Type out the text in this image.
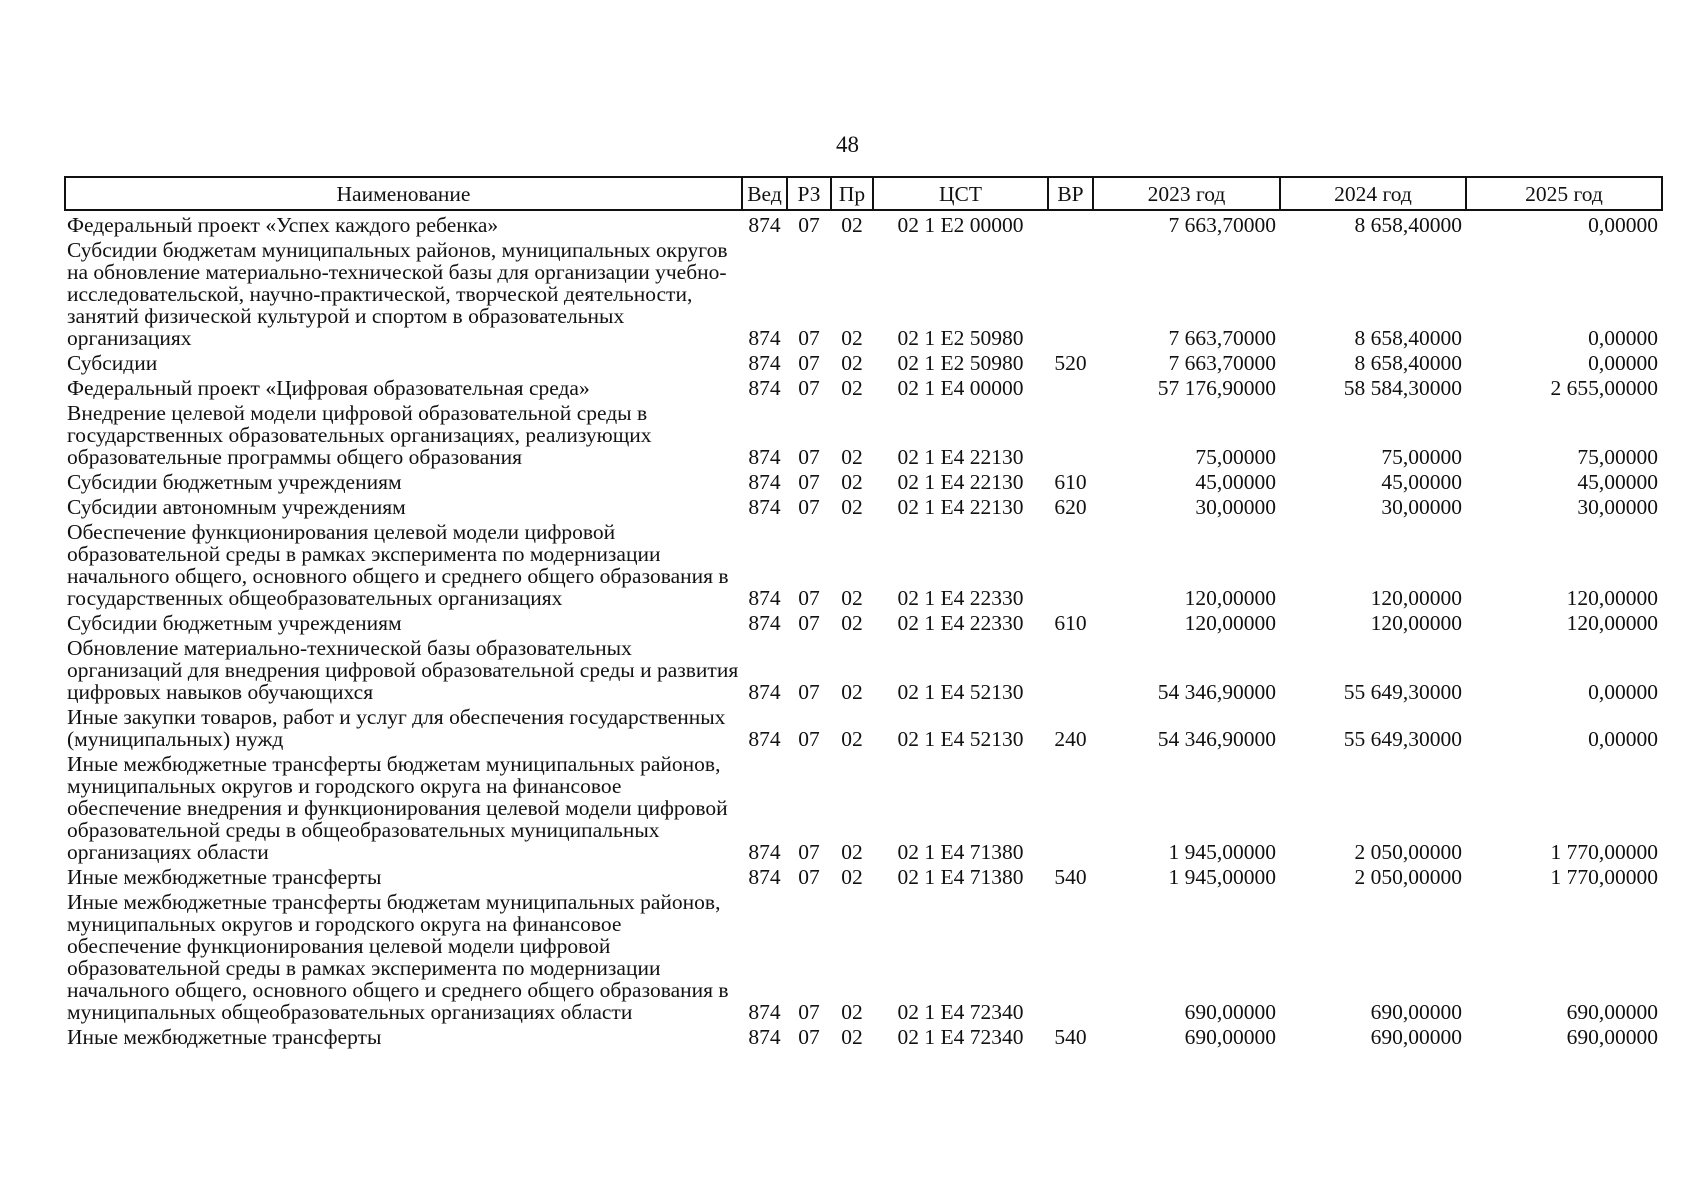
48
Наименование	Вед	РЗ	Пр	ЦСТ	ВР	2023 год	2024 год	2025 год
Федеральный проект «Успех каждого ребенка»	874	07	02	02 1 Е2 00000		7 663,70000	8 658,40000	0,00000
Субсидии бюджетам муниципальных районов, муниципальных округов на обновление материально-технической базы для организации учебно-исследовательской, научно-практической, творческой деятельности, занятий физической культурой и спортом в образовательных организациях	874	07	02	02 1 Е2 50980		7 663,70000	8 658,40000	0,00000
Субсидии	874	07	02	02 1 Е2 50980	520	7 663,70000	8 658,40000	0,00000
Федеральный проект «Цифровая образовательная среда»	874	07	02	02 1 Е4 00000		57 176,90000	58 584,30000	2 655,00000
Внедрение целевой модели цифровой образовательной среды в государственных образовательных организациях, реализующих образовательные программы общего образования	874	07	02	02 1 Е4 22130		75,00000	75,00000	75,00000
Субсидии бюджетным учреждениям	874	07	02	02 1 Е4 22130	610	45,00000	45,00000	45,00000
Субсидии автономным учреждениям	874	07	02	02 1 Е4 22130	620	30,00000	30,00000	30,00000
Обеспечение функционирования целевой модели цифровой образовательной среды в рамках эксперимента по модернизации начального общего, основного общего и среднего общего образования в государственных общеобразовательных организациях	874	07	02	02 1 Е4 22330		120,00000	120,00000	120,00000
Субсидии бюджетным учреждениям	874	07	02	02 1 Е4 22330	610	120,00000	120,00000	120,00000
Обновление материально-технической базы образовательных организаций для внедрения цифровой образовательной среды и развития цифровых навыков обучающихся	874	07	02	02 1 Е4 52130		54 346,90000	55 649,30000	0,00000
Иные закупки товаров, работ и услуг для обеспечения государственных (муниципальных) нужд	874	07	02	02 1 Е4 52130	240	54 346,90000	55 649,30000	0,00000
Иные межбюджетные трансферты бюджетам муниципальных районов, муниципальных округов и городского округа на финансовое обеспечение внедрения и функционирования целевой модели цифровой образовательной среды в общеобразовательных муниципальных организациях области	874	07	02	02 1 Е4 71380		1 945,00000	2 050,00000	1 770,00000
Иные межбюджетные трансферты	874	07	02	02 1 Е4 71380	540	1 945,00000	2 050,00000	1 770,00000
Иные межбюджетные трансферты бюджетам муниципальных районов, муниципальных округов и городского округа на финансовое обеспечение функционирования целевой модели цифровой образовательной среды в рамках эксперимента по модернизации начального общего, основного общего и среднего общего образования в муниципальных общеобразовательных организациях области	874	07	02	02 1 Е4 72340		690,00000	690,00000	690,00000
Иные межбюджетные трансферты	874	07	02	02 1 Е4 72340	540	690,00000	690,00000	690,00000
